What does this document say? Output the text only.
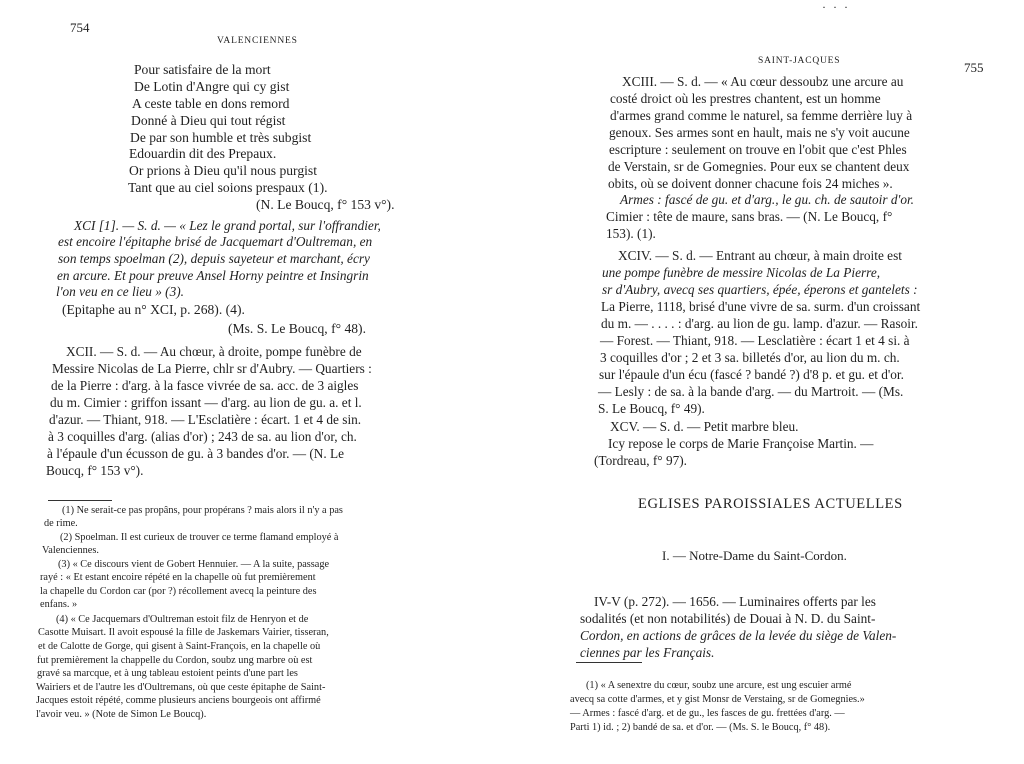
754
VALENCIENNES
Pour satisfaire de la mort
De Lotin d'Angre qui cy gist
A ceste table en dons remord
Donné à Dieu qui tout régist
De par son humble et très subgist
Edouardin dit des Prepaux.
Or prions à Dieu qu'il nous purgist
Tant que au ciel soions prespaux (1).
(N. Le Boucq, f° 153 v°).
XCI [1]. — S. d. — « Lez le grand portal, sur l'offrandier,
est encoire l'épitaphe brisé de Jacquemart d'Oultreman, en
son temps spoelman (2), depuis sayeteur et marchant, écry
en arcure. Et pour preuve Ansel Horny peintre et Insingrin
l'on veu en ce lieu » (3).
(Epitaphe au n° XCI, p. 268). (4).
(Ms. S. Le Boucq, f° 48).
XCII. — S. d. — Au chœur, à droite, pompe funèbre de
Messire Nicolas de La Pierre, chlr sr d'Aubry. — Quartiers :
de la Pierre : d'arg. à la fasce vivrée de sa. acc. de 3 aigles
du m. Cimier : griffon issant — d'arg. au lion de gu. a. et l.
d'azur. — Thiant, 918. — L'Esclatière : écart. 1 et 4 de sin.
à 3 coquilles d'arg. (alias d'or) ; 243 de sa. au lion d'or, ch.
à l'épaule d'un écusson de gu. à 3 bandes d'or. — (N. Le
Boucq, f° 153 v°).
(1) Ne serait-ce pas propâns, pour propérans ? mais alors il n'y a pas
de rime.
(2) Spoelman. Il est curieux de trouver ce terme flamand employé à
Valenciennes.
(3) « Ce discours vient de Gobert Hennuier. — A la suite, passage
rayé : « Et estant encoire répété en la chapelle où fut premièrement
la chapelle du Cordon car (por ?) récollement avecq la peinture des
enfans. »
(4) « Ce Jacquemars d'Oultreman estoit filz de Henryon et de
Casotte Muisart. Il avoit espousé la fille de Jaskemars Vairier, tisseran,
et de Calotte de Gorge, qui gisent à Saint-François, en la chapelle où
fut premièrement la chappelle du Cordon, soubz ung marbre où est
gravé sa marcque, et à ung tableau estoient peints d'une part les
Wairiers et de l'autre les d'Oultremans, où que ceste épitaphe de Saint-
Jacques estoit répété, comme plusieurs anciens bourgeois ont affirmé
l'avoir veu. » (Note de Simon Le Boucq).
· · ·
SAINT-JACQUES	755
XCIII. — S. d. — « Au cœur dessoubz une arcure au
costé droict où les prestres chantent, est un homme
d'armes grand comme le naturel, sa femme derrière luy à
genoux. Ses armes sont en hault, mais ne s'y voit aucune
escripture : seulement on trouve en l'obit que c'est Phles
de Verstain, sr de Gomegnies. Pour eux se chantent deux
obits, où se doivent donner chacune fois 24 miches ».
Armes : fascé de gu. et d'arg., le gu. ch. de sautoir d'or.
Cimier : tête de maure, sans bras. — (N. Le Boucq, f°
153). (1).
XCIV. — S. d. — Entrant au chœur, à main droite est
une pompe funèbre de messire Nicolas de La Pierre,
sr d'Aubry, avecq ses quartiers, épée, éperons et gantelets :
La Pierre, 1118, brisé d'une vivre de sa. surm. d'un croissant
du m. — . . . . : d'arg. au lion de gu. lamp. d'azur. — Rasoir.
— Forest. — Thiant, 918. — Lesclatière : écart 1 et 4 si. à
3 coquilles d'or ; 2 et 3 sa. billetés d'or, au lion du m. ch.
sur l'épaule d'un écu (fascé ? bandé ?) d'8 p. et gu. et d'or.
— Lesly : de sa. à la bande d'arg. — du Martroit. — (Ms.
S. Le Boucq, f° 49).
XCV. — S. d. — Petit marbre bleu.
Icy repose le corps de Marie Françoise Martin. —
(Tordreau, f° 97).
EGLISES PAROISSIALES ACTUELLES
I. — Notre-Dame du Saint-Cordon.
IV-V (p. 272). — 1656. — Luminaires offerts par les
sodalités (et non notabilités) de Douai à N. D. du Saint-
Cordon, en actions de grâces de la levée du siège de Valen-
ciennes par les Français.
(1) « A senextre du cœur, soubz une arcure, est ung escuier armé
avecq sa cotte d'armes, et y gist Monsr de Verstaing, sr de Gomegnies.»
— Armes : fascé d'arg. et de gu., les fasces de gu. frettées d'arg. —
Parti 1) id. ; 2) bandé de sa. et d'or. — (Ms. S. le Boucq, f° 48).
